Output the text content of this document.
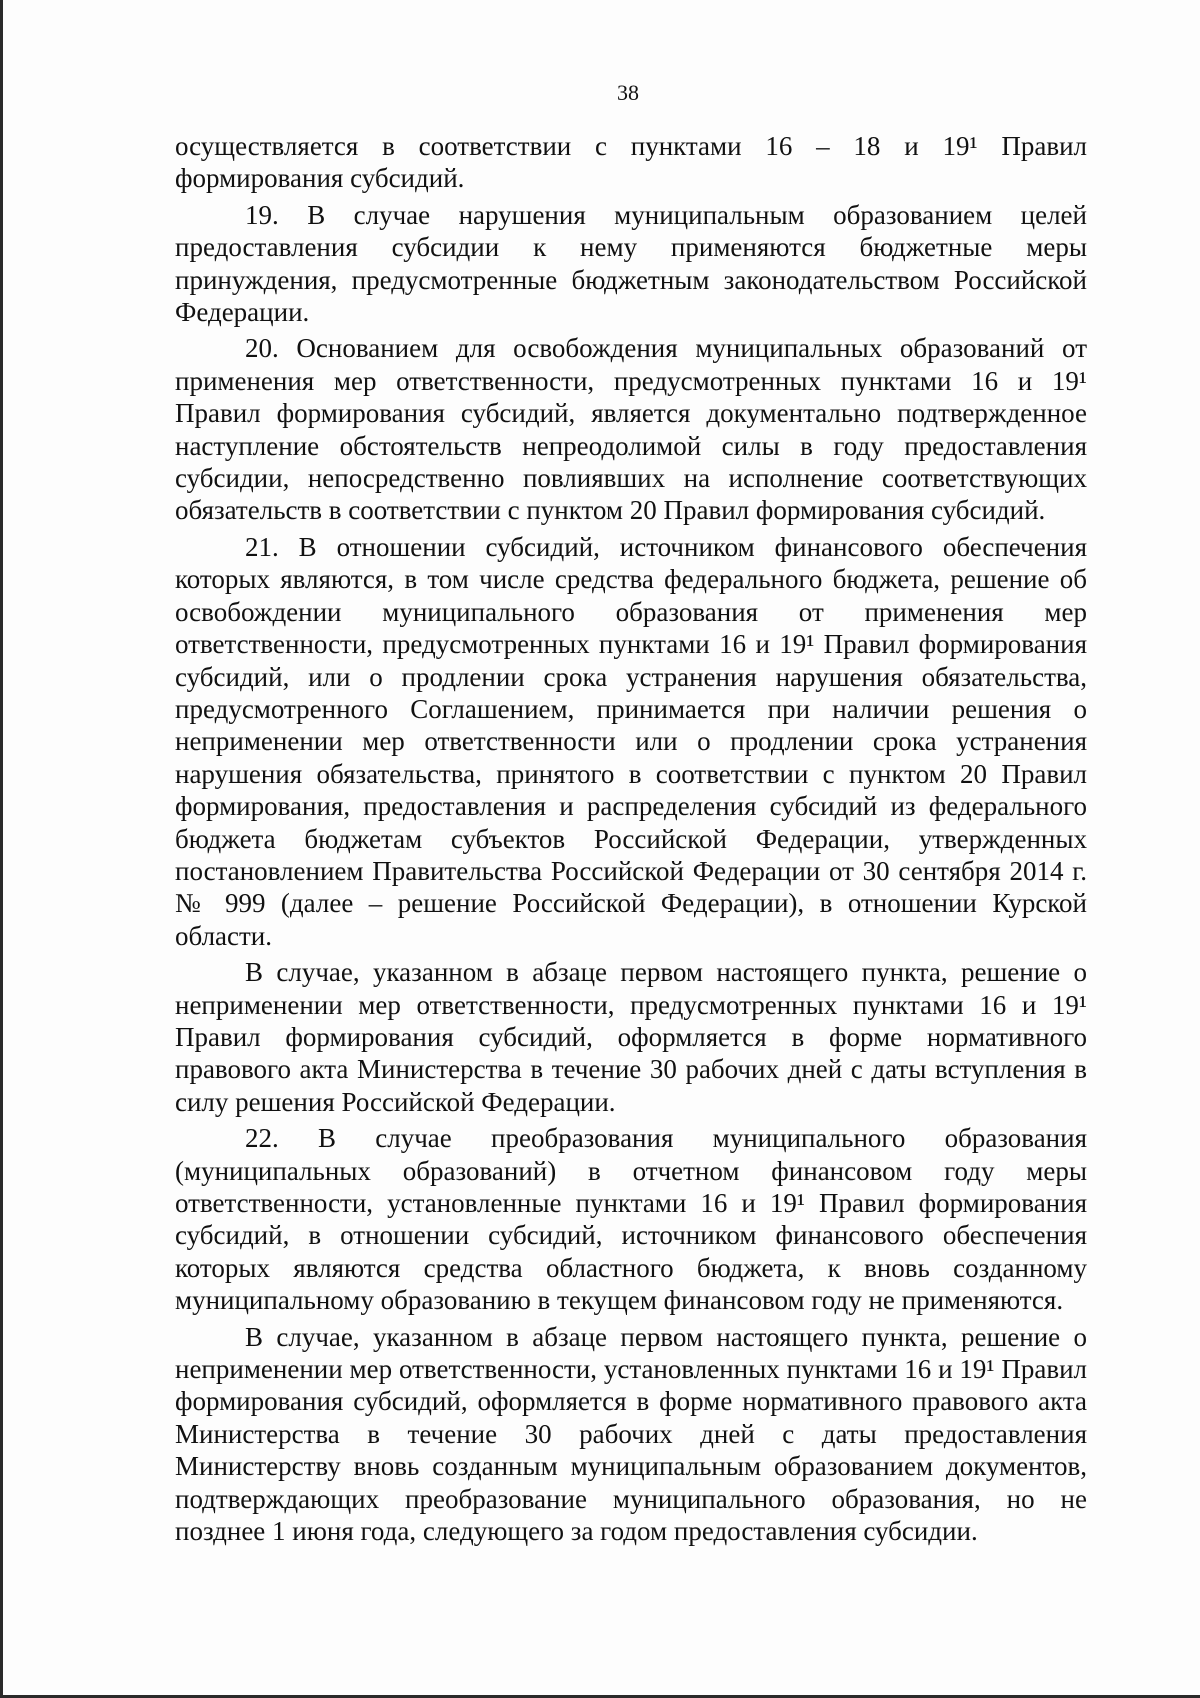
38

осуществляется в соответствии с пунктами 16 – 18 и 19¹ Правил формирования субсидий.

19. В случае нарушения муниципальным образованием целей предоставления субсидии к нему применяются бюджетные меры принуждения, предусмотренные бюджетным законодательством Российской Федерации.

20. Основанием для освобождения муниципальных образований от применения мер ответственности, предусмотренных пунктами 16 и 19¹ Правил формирования субсидий, является документально подтвержденное наступление обстоятельств непреодолимой силы в году предоставления субсидии, непосредственно повлиявших на исполнение соответствующих обязательств в соответствии с пунктом 20 Правил формирования субсидий.

21. В отношении субсидий, источником финансового обеспечения которых являются, в том числе средства федерального бюджета, решение об освобождении муниципального образования от применения мер ответственности, предусмотренных пунктами 16 и 19¹ Правил формирования субсидий, или о продлении срока устранения нарушения обязательства, предусмотренного Соглашением, принимается при наличии решения о неприменении мер ответственности или о продлении срока устранения нарушения обязательства, принятого в соответствии с пунктом 20 Правил формирования, предоставления и распределения субсидий из федерального бюджета бюджетам субъектов Российской Федерации, утвержденных постановлением Правительства Российской Федерации от 30 сентября 2014 г. № 999 (далее – решение Российской Федерации), в отношении Курской области.

В случае, указанном в абзаце первом настоящего пункта, решение о неприменении мер ответственности, предусмотренных пунктами 16 и 19¹ Правил формирования субсидий, оформляется в форме нормативного правового акта Министерства в течение 30 рабочих дней с даты вступления в силу решения Российской Федерации.

22. В случае преобразования муниципального образования (муниципальных образований) в отчетном финансовом году меры ответственности, установленные пунктами 16 и 19¹ Правил формирования субсидий, в отношении субсидий, источником финансового обеспечения которых являются средства областного бюджета, к вновь созданному муниципальному образованию в текущем финансовом году не применяются.

В случае, указанном в абзаце первом настоящего пункта, решение о неприменении мер ответственности, установленных пунктами 16 и 19¹ Правил формирования субсидий, оформляется в форме нормативного правового акта Министерства в течение 30 рабочих дней с даты предоставления Министерству вновь созданным муниципальным образованием документов, подтверждающих преобразование муниципального образования, но не позднее 1 июня года, следующего за годом предоставления субсидии.
